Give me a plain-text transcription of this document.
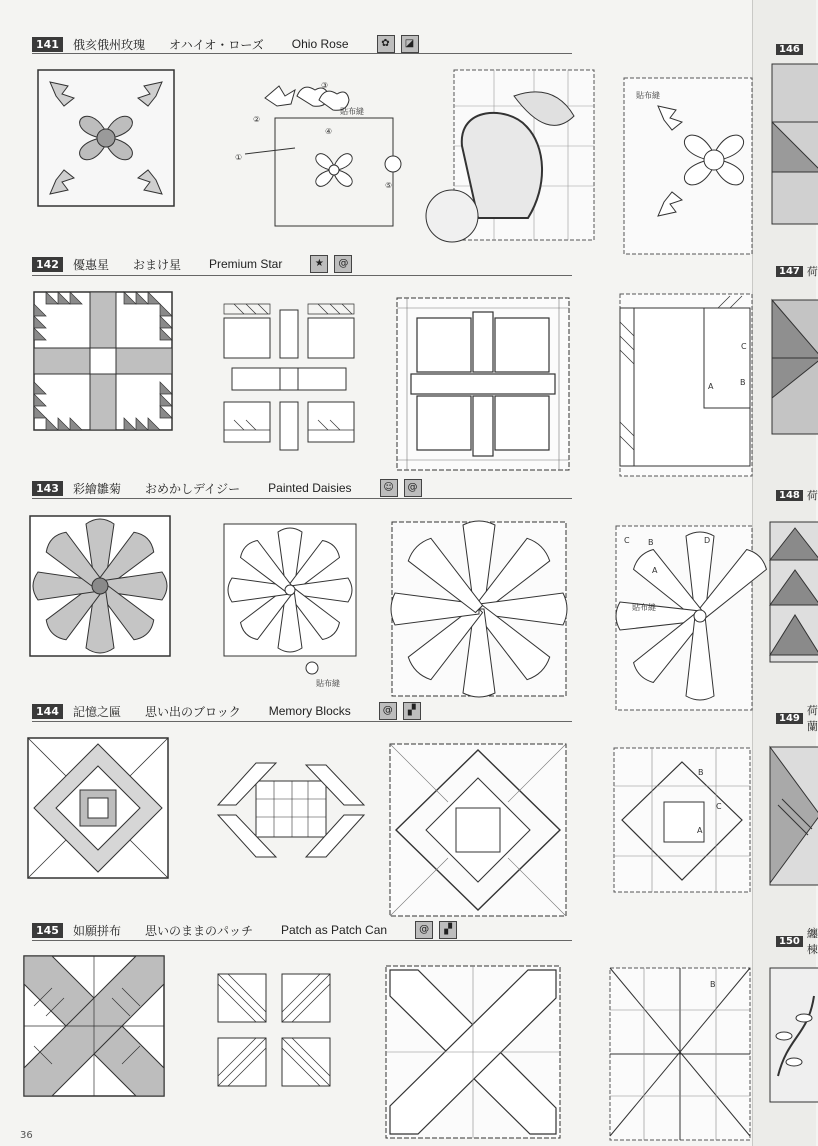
146
147 荷
148 荷
149
荷蘭
150
纏棟
141	俄亥俄州玫瑰 オハイオ・ローズ Ohio Rose	✿	◪
①
②
③
④
⑤
貼布縫
貼布縫
142	優惠星 おまけ星 Premium Star	★	@
A	B
C
143	彩繪雛菊 おめかしデイジー Painted Daisies	☺	@
貼布縫
貼布縫
C B
A
D
144	記憶之匾 思い出のブロック Memory Blocks	@	▞
A
B
C
145	如願拼布 思いのままのパッチ Patch as Patch Can	@	▞
B
36
